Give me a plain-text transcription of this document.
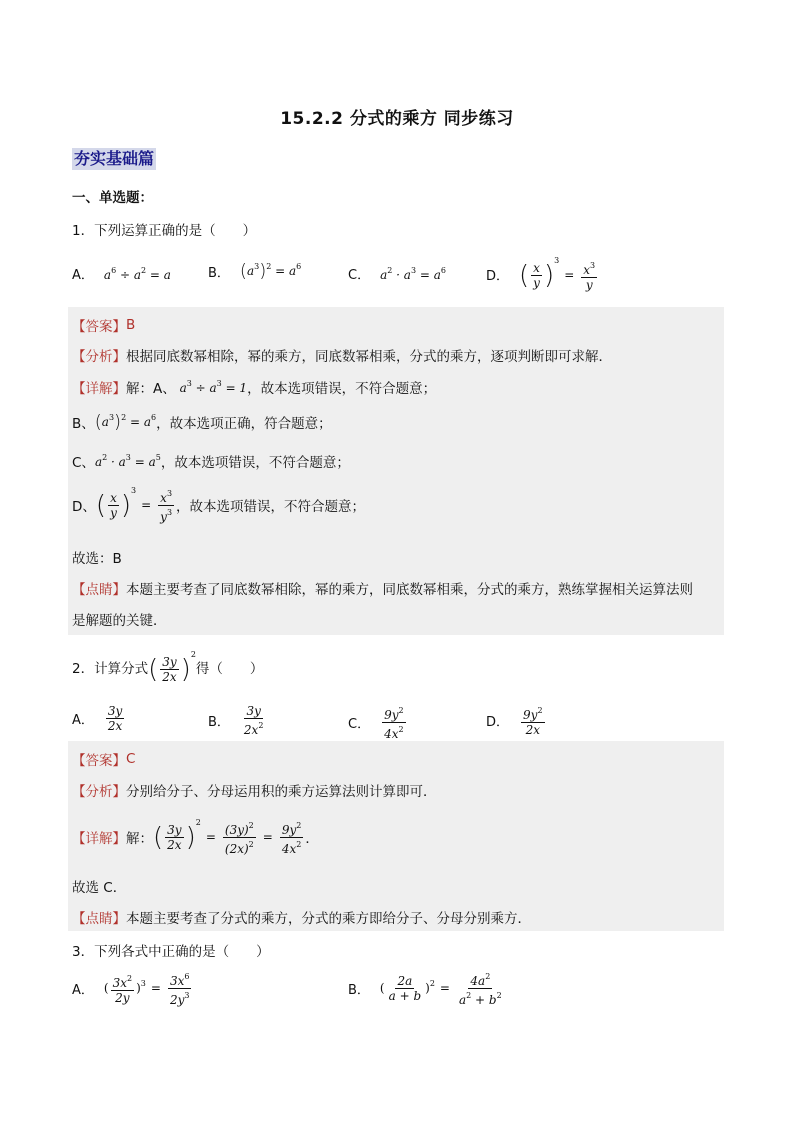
15.2.2 分式的乘方 同步练习
夯实基础篇
一、单选题：
1．下列运算正确的是（　　）
A． $a^6 \div a^2 = a$	B． $(a^3)^2 = a^6$
C． $a^2 \cdot a^3 = a^6$	D． ( $\frac{x}{y} )^3= \frac{x^3}{y}$
【答案】 B
【分析】 根据同底数幂相除，幂的乘方，同底数幂相乘，分式的乘方，逐项判断即可求解．
【详解】 解：A、 $a^3 \div a^3 = 1$ ，故本选项错误，不符合题意；
B、 $(a^3)^2 = a^6$ ，故本选项正确，符合题意；
C、 $a^2 \cdot a^3 = a^5$ ，故本选项错误，不符合题意；
D、 ( $\frac{x}{y} )^3= \frac{x^3}{y^3}$ ，故本选项错误，不符合题意；
故选：B
【点睛】 本题主要考查了同底数幂相除，幂的乘方，同底数幂相乘，分式的乘方，熟练掌握相关运算法则
是解题的关键．
2．计算分式 ( $\frac{3y}{2x} )^2$
得（　　）
A． $\frac{3y}{2x}$	B． $\frac{3y}{2x^2}$	C． $\frac{9y^2}{4x^2}$	D． $\frac{9y^2}{2x}$
【答案】 C
【分析】 分别给分子、分母运用积的乘方运算法则计算即可．
【详解】 解： ( $\frac{3y}{2x} )^2= \frac{(3y)^2}{(2x)^2} = \frac{9y^2}{4x^2}$ ．
故选 C．
【点睛】 本题主要考查了分式的乘方，分式的乘方即给分子、分母分别乘方．
3．下列各式中正确的是（　　）
A． ( $\frac{3x^2}{2y} )^3 = \frac{3x^6}{2y^3}$	B． ( $\frac{2a}{a + b} )^2 = \frac{4a^2}{a^2 + b^2}$
